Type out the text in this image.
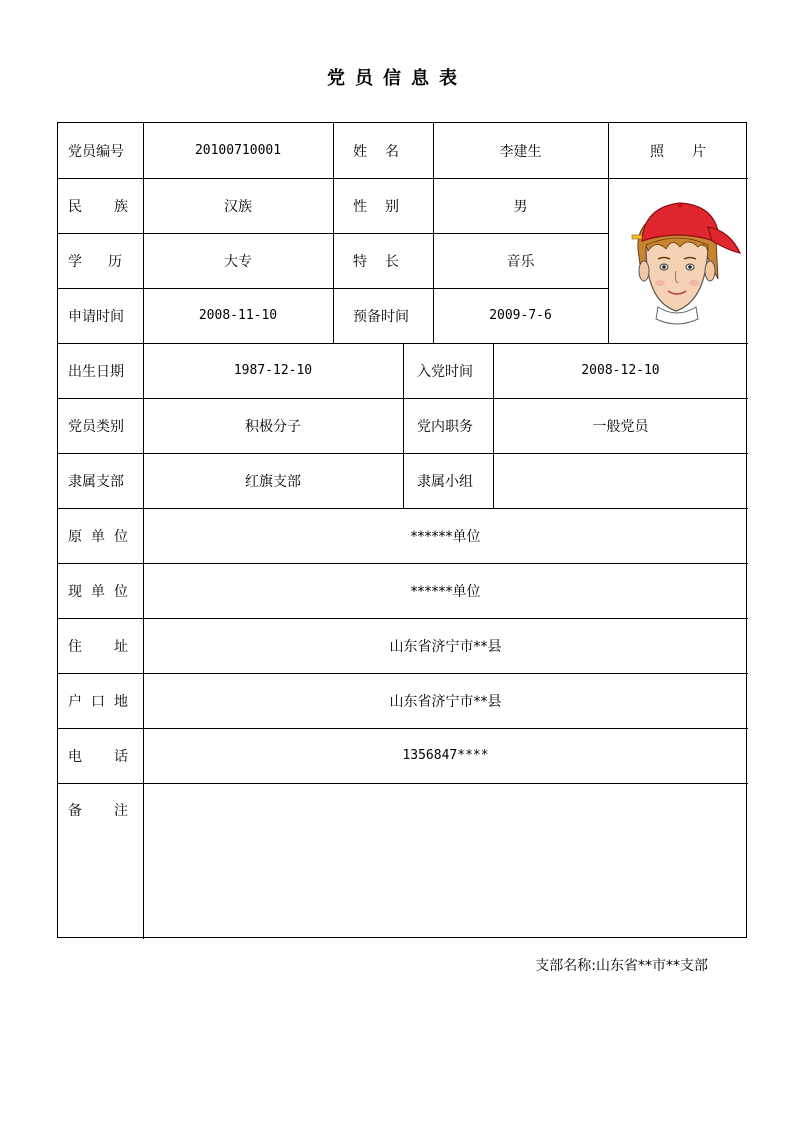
党员信息表
党员编号	20100710001	姓 名	李建生	照 片
民 族	汉族	性 别	男
学 历	大专	特 长	音乐
申请时间	2008-11-10	预备时间	2009-7-6
出生日期	1987-12-10	入党时间	2008-12-10
党员类别	积极分子	党内职务	一般党员
隶属支部	红旗支部	隶属小组
原 单 位	******单位
现 单 位	******单位
住 址	山东省济宁市**县
户 口 地	山东省济宁市**县
电 话	1356847****
备 注
支部名称:山东省**市**支部
